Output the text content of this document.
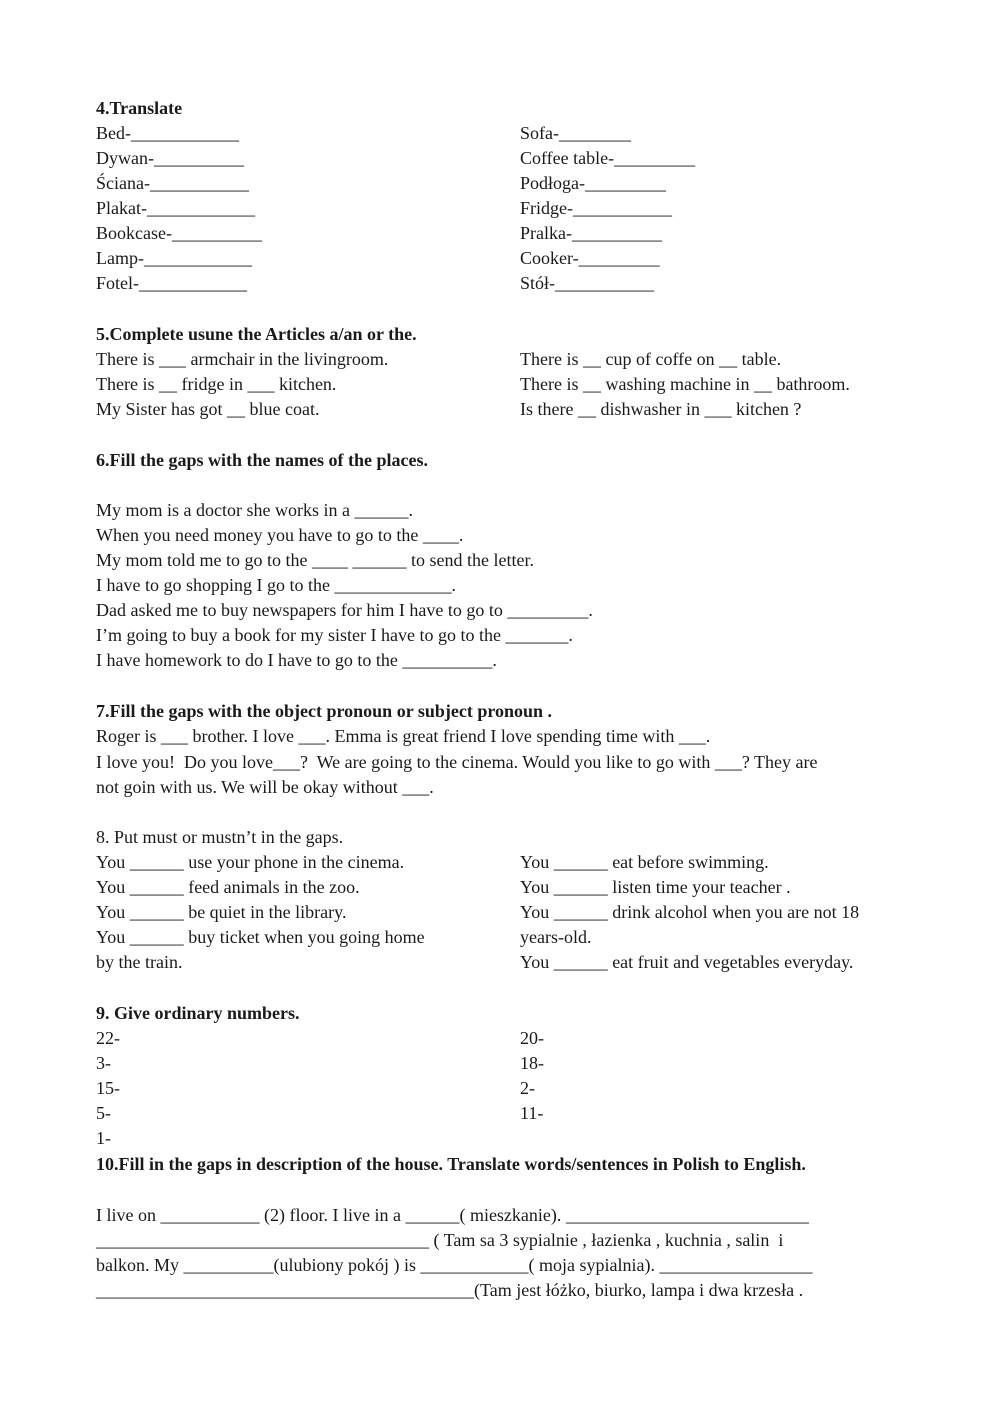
4.Translate

Bed-____________

Dywan-__________

Ściana-___________

Plakat-____________

Bookcase-__________

Lamp-____________

Fotel-____________

Sofa-________

Coffee table-_________

Podłoga-_________

Fridge-___________

Pralka-__________

Cooker-_________

Stół-___________

5.Complete usune the Articles a/an or the.

There is ___ armchair in the livingroom.

There is __ fridge in ___ kitchen.

My Sister has got __ blue coat.

There is __ cup of coffe on __ table.

There is __ washing machine in __ bathroom.

Is there __ dishwasher in ___ kitchen ?

6.Fill the gaps with the names of the places.

My mom is a doctor she works in a ______.

When you need money you have to go to the ____.

My mom told me to go to the ____ ______ to send the letter.

I have to go shopping I go to the _____________.

Dad asked me to buy newspapers for him I have to go to _________.

I’m going to buy a book for my sister I have to go to the _______.

I have homework to do I have to go to the __________.

7.Fill the gaps with the object pronoun or subject pronoun .

Roger is ___ brother. I love ___. Emma is great friend I love spending time with ___.

I love you!  Do you love___?  We are going to the cinema. Would you like to go with ___? They are

not goin with us. We will be okay without ___.

8. Put must or mustn’t in the gaps.

You ______ use your phone in the cinema.

You ______ feed animals in the zoo.

You ______ be quiet in the library.

You ______ buy ticket when you going home

by the train.

You ______ eat before swimming.

You ______ listen time your teacher .

You ______ drink alcohol when you are not 18

years-old.

You ______ eat fruit and vegetables everyday.

9. Give ordinary numbers.

22-

3-

15-

5-

1-

20-

18-

2-

11-

10.Fill in the gaps in description of the house. Translate words/sentences in Polish to English.

I live on ___________ (2) floor. I live in a ______( mieszkanie). ___________________________

_____________________________________ ( Tam sa 3 sypialnie , łazienka , kuchnia , salin  i

balkon. My __________(ulubiony pokój ) is ____________( moja sypialnia). _________________

__________________________________________(Tam jest łóżko, biurko, lampa i dwa krzesła .
